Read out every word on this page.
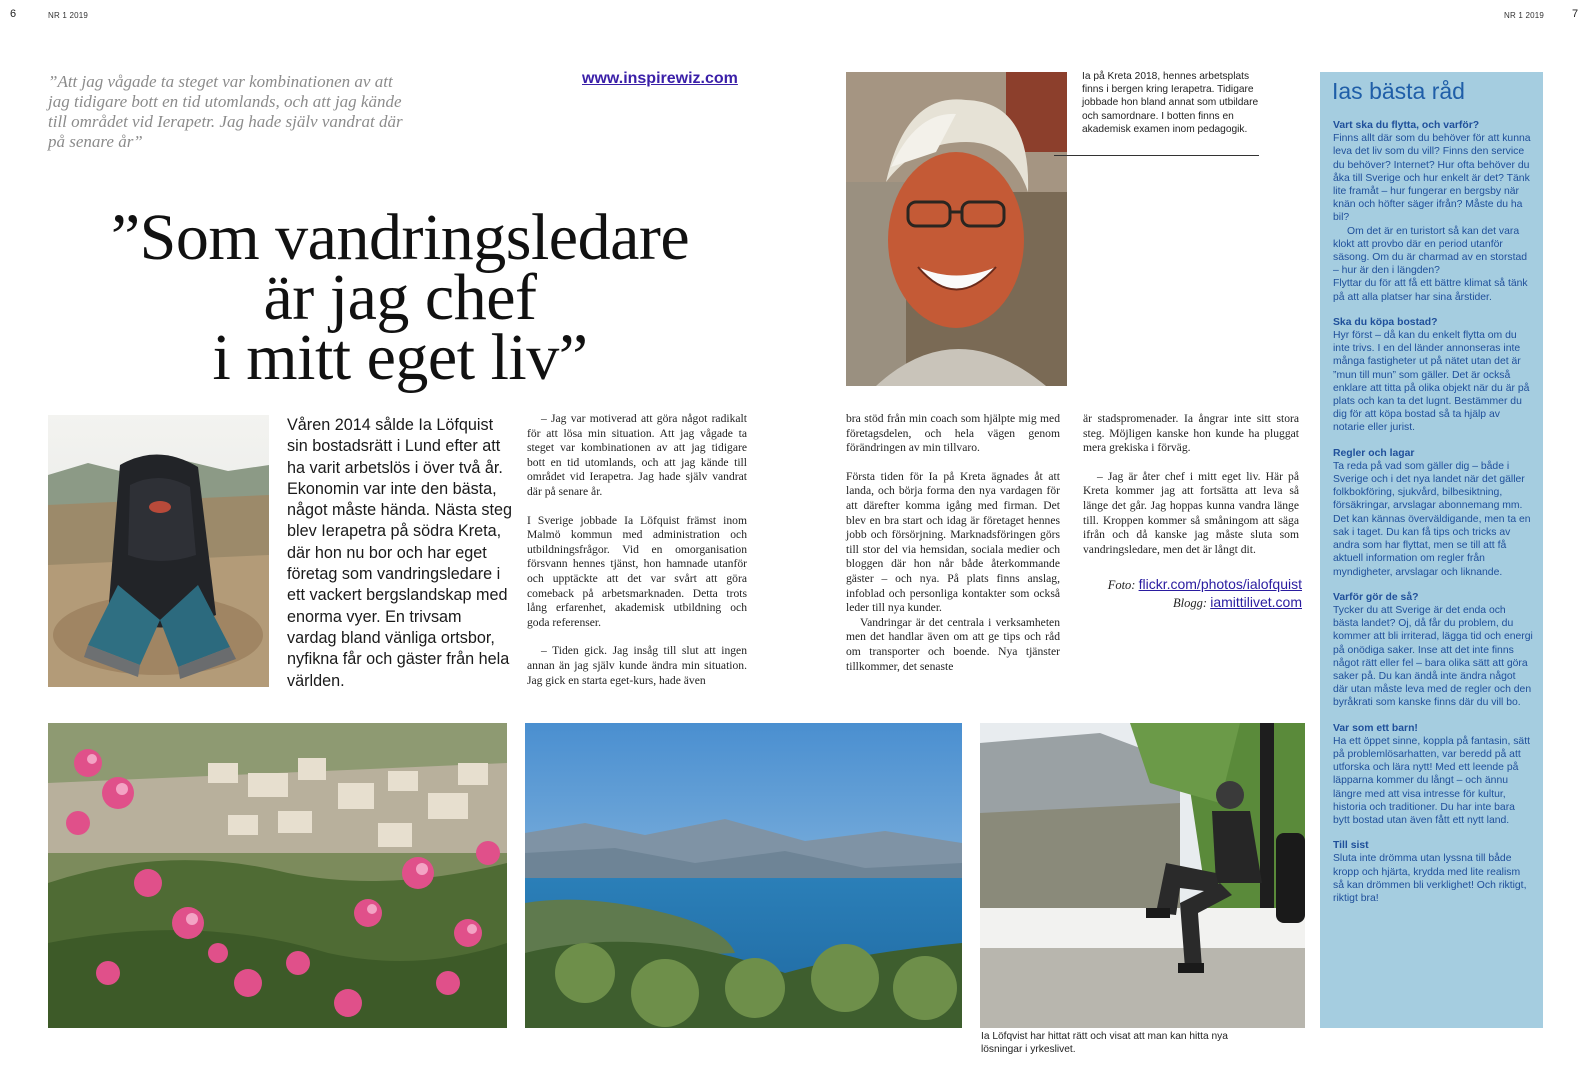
6	NR 1 2019	NR 1 2019	7
”Att jag vågade ta steget var kombinationen av att jag tidigare bott en tid utomlands, och att jag kände till området vid Ierapetr. Jag hade själv vandrat där på senare år”
www.inspirewiz.com
”Som vandringsledare
är jag chef
i mitt eget liv”
Våren 2014 sålde Ia Löfquist sin bostadsrätt i Lund efter att ha varit arbetslös i över två år. Ekonomin var inte den bästa, något måste hända. Nästa steg blev Ierapetra på södra Kreta, där hon nu bor och har eget företag som vandringsledare i ett vackert bergslandskap med enorma vyer. En trivsam vardag bland vänliga ortsbor, nyfikna får och gäster från hela världen.

– Jag var motiverad att göra något radikalt för att lösa min situation. Att jag vågade ta steget var kombinationen av att jag tidigare bott en tid utomlands, och att jag kände till området vid Ierapetra. Jag hade själv vandrat där på senare år.

I Sverige jobbade Ia Löfquist främst inom Malmö kommun med administration och utbildningsfrågor. Vid en omorganisation försvann hennes tjänst, hon hamnade utanför och upptäckte att det var svårt att göra comeback på arbetsmarknaden. Detta trots lång erfarenhet, akademisk utbildning och goda referenser.

– Tiden gick. Jag insåg till slut att ingen annan än jag själv kunde ändra min situation. Jag gick en starta eget-kurs, hade även

Ia på Kreta 2018, hennes arbetsplats finns i bergen kring Ierapetra. Tidigare jobbade hon bland annat som utbildare och samordnare. I botten finns en akademisk examen inom pedagogik.

bra stöd från min coach som hjälpte mig med företagsdelen, och hela vägen genom förändringen av min tillvaro.

Första tiden för Ia på Kreta ägnades åt att landa, och börja forma den nya vardagen för att därefter komma igång med firman. Det blev en bra start och idag är företaget hennes jobb och försörjning. Marknadsföringen görs till stor del via hemsidan, sociala medier och bloggen där hon når både återkommande gäster – och nya. På plats finns anslag, infoblad och personliga kontakter som också leder till nya kunder.

Vandringar är det centrala i verksamheten men det handlar även om att ge tips och råd om transporter och boende. Nya tjänster tillkommer, det senaste

är stadspromenader. Ia ångrar inte sitt stora steg. Möjligen kanske hon kunde ha pluggat mera grekiska i förväg.

– Jag är åter chef i mitt eget liv. Här på Kreta kommer jag att fortsätta att leva så länge det går. Jag hoppas kunna vandra länge till. Kroppen kommer så småningom att säga ifrån och då kanske jag måste sluta som vandringsledare, men det är långt dit.

Foto: flickr.com/photos/ialofquist
Blogg: iamittilivet.com
Ias bästa råd
Vart ska du flytta, och varför?
Finns allt där som du behöver för att kunna leva det liv som du vill? Finns den service du behöver? Internet? Hur ofta behöver du åka till Sverige och hur enkelt är det? Tänk lite framåt – hur fungerar en bergsby när knän och höfter säger ifrån? Måste du ha bil?
Om det är en turistort så kan det vara klokt att provbo där en period utanför säsong. Om du är charmad av en storstad – hur är den i längden?

Flyttar du för att få ett bättre klimat så tänk på att alla platser har sina årstider.

Ska du köpa bostad?

Hyr först – då kan du enkelt flytta om du inte trivs. I en del länder annonseras inte många fastigheter ut på nätet utan det är ”mun till mun” som gäller. Det är också enklare att titta på olika objekt när du är på plats och kan ta det lugnt. Bestämmer du dig för att köpa bostad så ta hjälp av notarie eller jurist.

Regler och lagar

Ta reda på vad som gäller dig – både i Sverige och i det nya landet när det gäller folkbokföring, sjukvård, bilbesiktning, försäkringar, arvslagar abonnemang mm. Det kan kännas överväldigande, men ta en sak i taget. Du kan få tips och tricks av andra som har flyttat, men se till att få aktuell information om regler från myndigheter, arvslagar och liknande.

Varför gör de så?

Tycker du att Sverige är det enda och bästa landet? Oj, då får du problem, du kommer att bli irriterad, lägga tid och energi på onödiga saker. Inse att det inte finns något rätt eller fel – bara olika sätt att göra saker på. Du kan ändå inte ändra något där utan måste leva med de regler och den byråkrati som kanske finns där du vill bo.

Var som ett barn!

Ha ett öppet sinne, koppla på fantasin, sätt på problemlösarhatten, var beredd på att utforska och lära nytt! Med ett leende på läpparna kommer du långt – och ännu längre med att visa intresse för kultur, historia och traditioner. Du har inte bara bytt bostad utan även fått ett nytt land.

Till sist

Sluta inte drömma utan lyssna till både kropp och hjärta, krydda med lite realism så kan drömmen bli verklighet! Och riktigt, riktigt bra!

Ia Löfqvist har hittat rätt och visat att man kan hitta nya lösningar i yrkeslivet.
